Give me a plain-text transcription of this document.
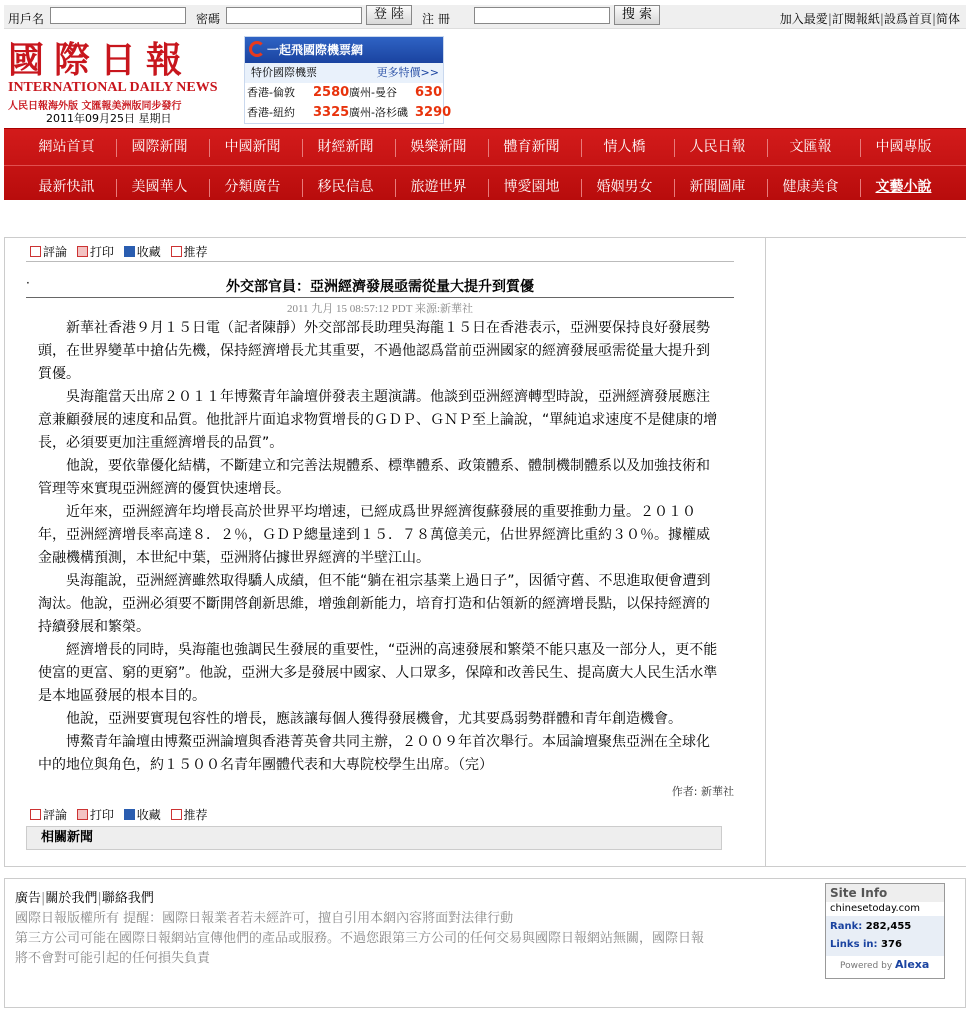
用戶名	密碼	登 陸	注 冊	搜 索	加入最愛|訂閱報紙|設爲首頁|简体
國際日報
INTERNATIONAL DAILY NEWS
人民日報海外版 文匯報美洲版同步發行
2011年09月25日 星期日
一起飛國際機票網
特价國際機票	更多特價>>
香港-倫敦 2580 廣州-曼谷 630
香港-紐約 3325 廣州-洛杉磯 3290
網站首頁	國際新聞	中國新聞	財經新聞	娛樂新聞	體育新聞	情人橋	人民日報	文匯報	中國專版
最新快訊	美國華人	分類廣告	移民信息	旅遊世界	博愛園地	婚姻男女	新聞圖庫	健康美食	文藝小說
評論 打印 收藏 推荐
·	外交部官員：亞洲經濟發展亟需從量大提升到質優
2011 九月 15 08:57:12 PDT 来源:新華社

新華社香港９月１５日電（記者陳靜）外交部部長助理吳海龍１５日在香港表示，亞洲要保持良好發展勢頭，在世界變革中搶佔先機，保持經濟增長尤其重要，不過他認爲當前亞洲國家的經濟發展亟需從量大提升到質優。

吳海龍當天出席２０１１年博鰲青年論壇併發表主題演講。他談到亞洲經濟轉型時說，亞洲經濟發展應注意兼顧發展的速度和品質。他批評片面追求物質增長的ＧＤＰ、ＧＮＰ至上論說，“單純追求速度不是健康的增長，必須要更加注重經濟增長的品質”。

他說，要依靠優化結構，不斷建立和完善法規體系、標準體系、政策體系、體制機制體系以及加強技術和管理等來實現亞洲經濟的優質快速增長。

近年來，亞洲經濟年均增長高於世界平均增速，已經成爲世界經濟復蘇發展的重要推動力量。２０１０年，亞洲經濟增長率高達８．２％，ＧＤＰ總量達到１５．７８萬億美元，佔世界經濟比重約３０％。據權威金融機構預測，本世紀中葉，亞洲將佔據世界經濟的半壁江山。

吳海龍說，亞洲經濟雖然取得驕人成績，但不能“躺在祖宗基業上過日子”，因循守舊、不思進取便會遭到淘汰。他說，亞洲必須要不斷開啓創新思維，增強創新能力，培育打造和佔領新的經濟增長點，以保持經濟的持續發展和繁榮。

經濟增長的同時，吳海龍也強調民生發展的重要性，“亞洲的高速發展和繁榮不能只惠及一部分人，更不能使富的更富、窮的更窮”。他說，亞洲大多是發展中國家、人口眾多，保障和改善民生、提高廣大人民生活水準是本地區發展的根本目的。

他說，亞洲要實現包容性的增長，應該讓每個人獲得發展機會，尤其要爲弱勢群體和青年創造機會。

博鰲青年論壇由博鰲亞洲論壇與香港菁英會共同主辦，２００９年首次舉行。本屆論壇聚焦亞洲在全球化中的地位與角色，約１５００名青年團體代表和大專院校學生出席。（完）

作者: 新華社
評論 打印 收藏 推荐
相關新聞
廣告|關於我們|聯絡我們
國際日報版權所有 提醒：國際日報業者若未經許可，擅自引用本網內容將面對法律行動
第三方公司可能在國際日報網站宣傳他們的產品或服務。不過您跟第三方公司的任何交易與國際日報網站無關，國際日報
將不會對可能引起的任何損失負責
Site Info
chinesetoday.com
Rank: 282,455
Links in: 376
Powered by Alexa
